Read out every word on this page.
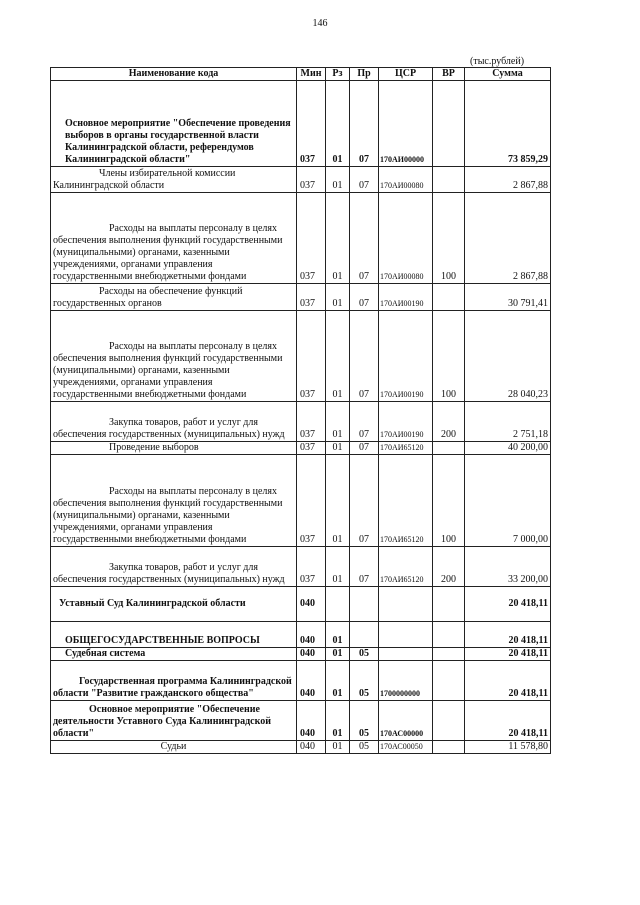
146
(тыс.рублей)
Наименование кода	Мин	Рз	Пр	ЦСР	ВР	Сумма
Основное мероприятие "Обеспечение проведения выборов в органы государственной власти Калининградской области, референдумов Калининградской области"	037	01	07	170АИ00000		73 859,29
Члены избирательной комиссии Калининградской области	037	01	07	170АИ00080		2 867,88
Расходы на выплаты персоналу в целях обеспечения выполнения функций государственными (муниципальными) органами, казенными учреждениями, органами управления государственными внебюджетными фондами	037	01	07	170АИ00080	100	2 867,88
Расходы на обеспечение функций государственных органов	037	01	07	170АИ00190		30 791,41
Расходы на выплаты персоналу в целях обеспечения выполнения функций государственными (муниципальными) органами, казенными учреждениями, органами управления государственными внебюджетными фондами	037	01	07	170АИ00190	100	28 040,23
Закупка товаров, работ и услуг для обеспечения государственных (муниципальных) нужд	037	01	07	170АИ00190	200	2 751,18
Проведение выборов	037	01	07	170АИ65120		40 200,00
Расходы на выплаты персоналу в целях обеспечения выполнения функций государственными (муниципальными) органами, казенными учреждениями, органами управления государственными внебюджетными фондами	037	01	07	170АИ65120	100	7 000,00
Закупка товаров, работ и услуг для обеспечения государственных (муниципальных) нужд	037	01	07	170АИ65120	200	33 200,00
Уставный Суд Калининградской области	040					20 418,11
ОБЩЕГОСУДАРСТВЕННЫЕ ВОПРОСЫ	040	01				20 418,11
Судебная система	040	01	05			20 418,11
Государственная программа Калининградской области "Развитие гражданского общества"	040	01	05	1700000000		20 418,11
Основное мероприятие "Обеспечение деятельности Уставного Суда Калининградской области"	040	01	05	170АС00000		20 418,11
Судьи	040	01	05	170АС00050		11 578,80
